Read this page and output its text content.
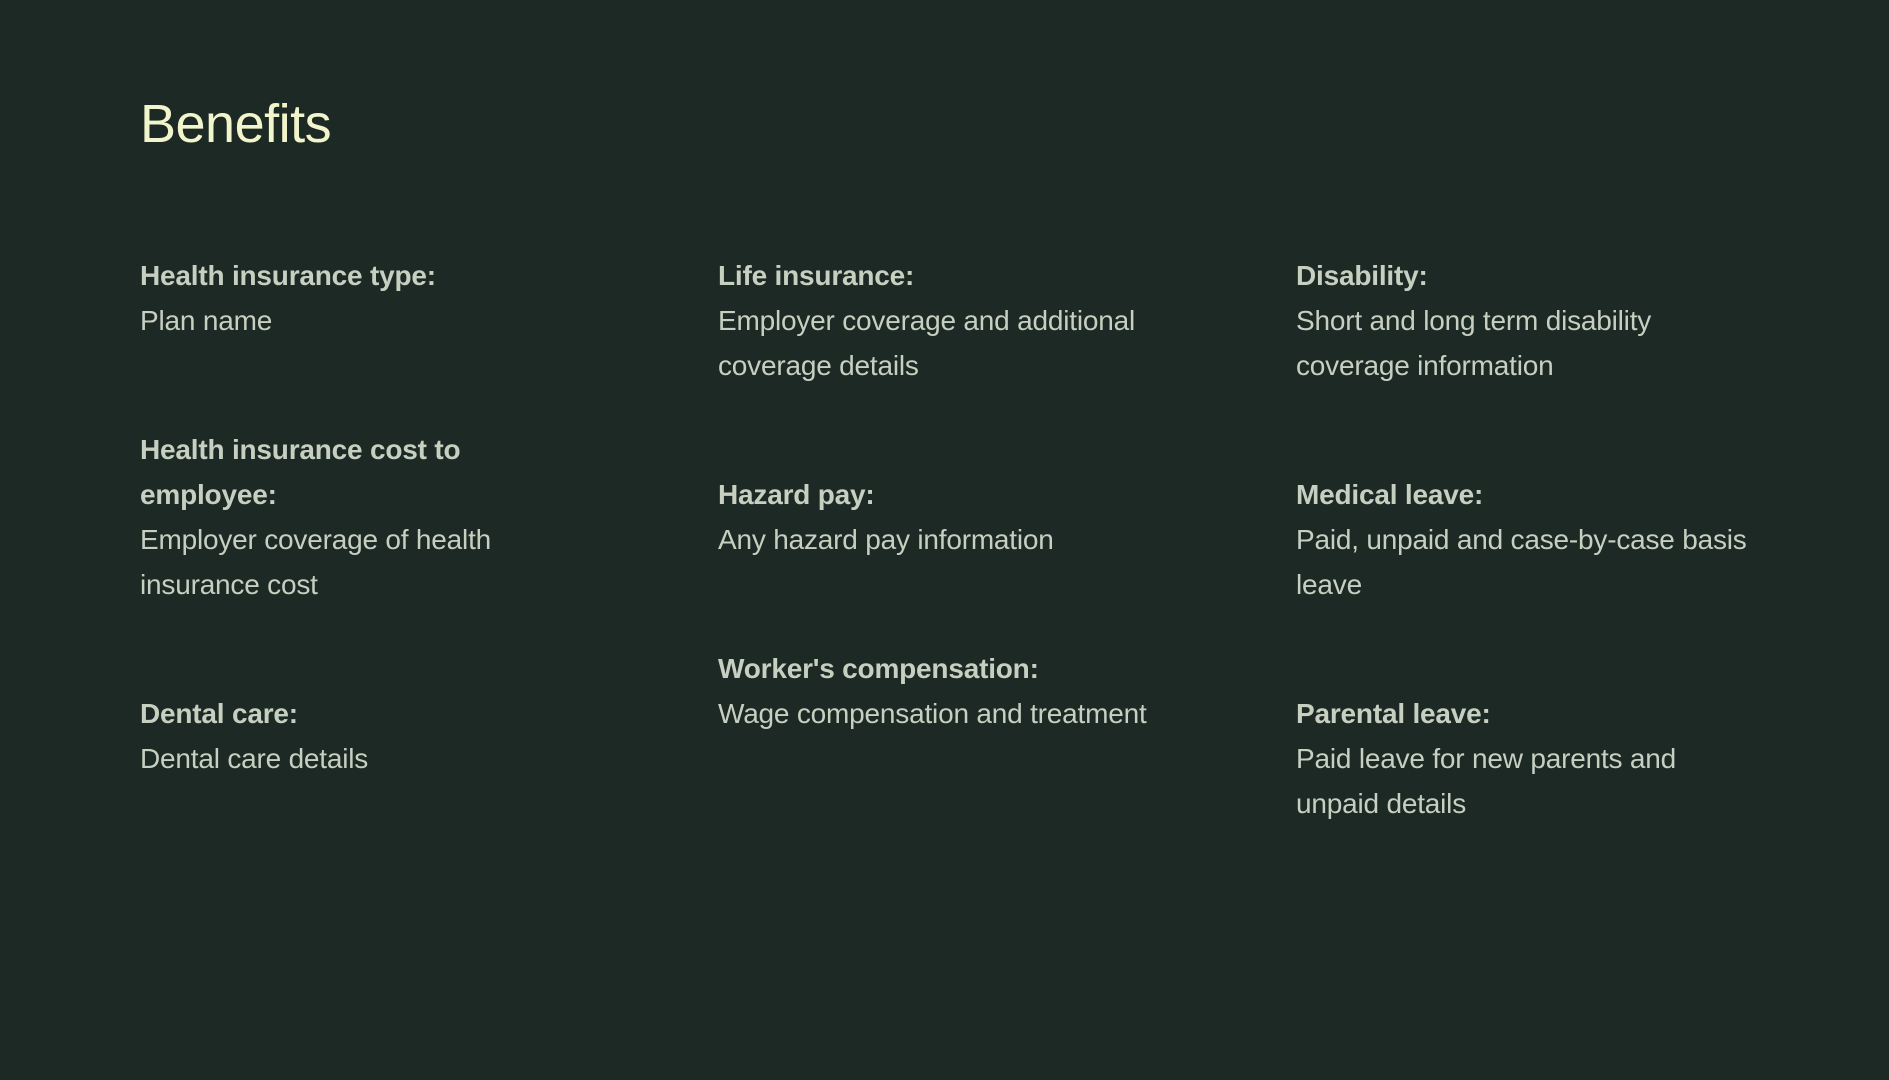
Benefits
Health insurance type:
Plan name
Health insurance cost to employee:
Employer coverage of health insurance cost
Dental care:
Dental care details
Life insurance:
Employer coverage and additional coverage details
Hazard pay:
Any hazard pay information
Worker's compensation:
Wage compensation and treatment
Disability:
Short and long term disability coverage information
Medical leave:
Paid, unpaid and case-by-case basis leave
Parental leave:
Paid leave for new parents and unpaid details
